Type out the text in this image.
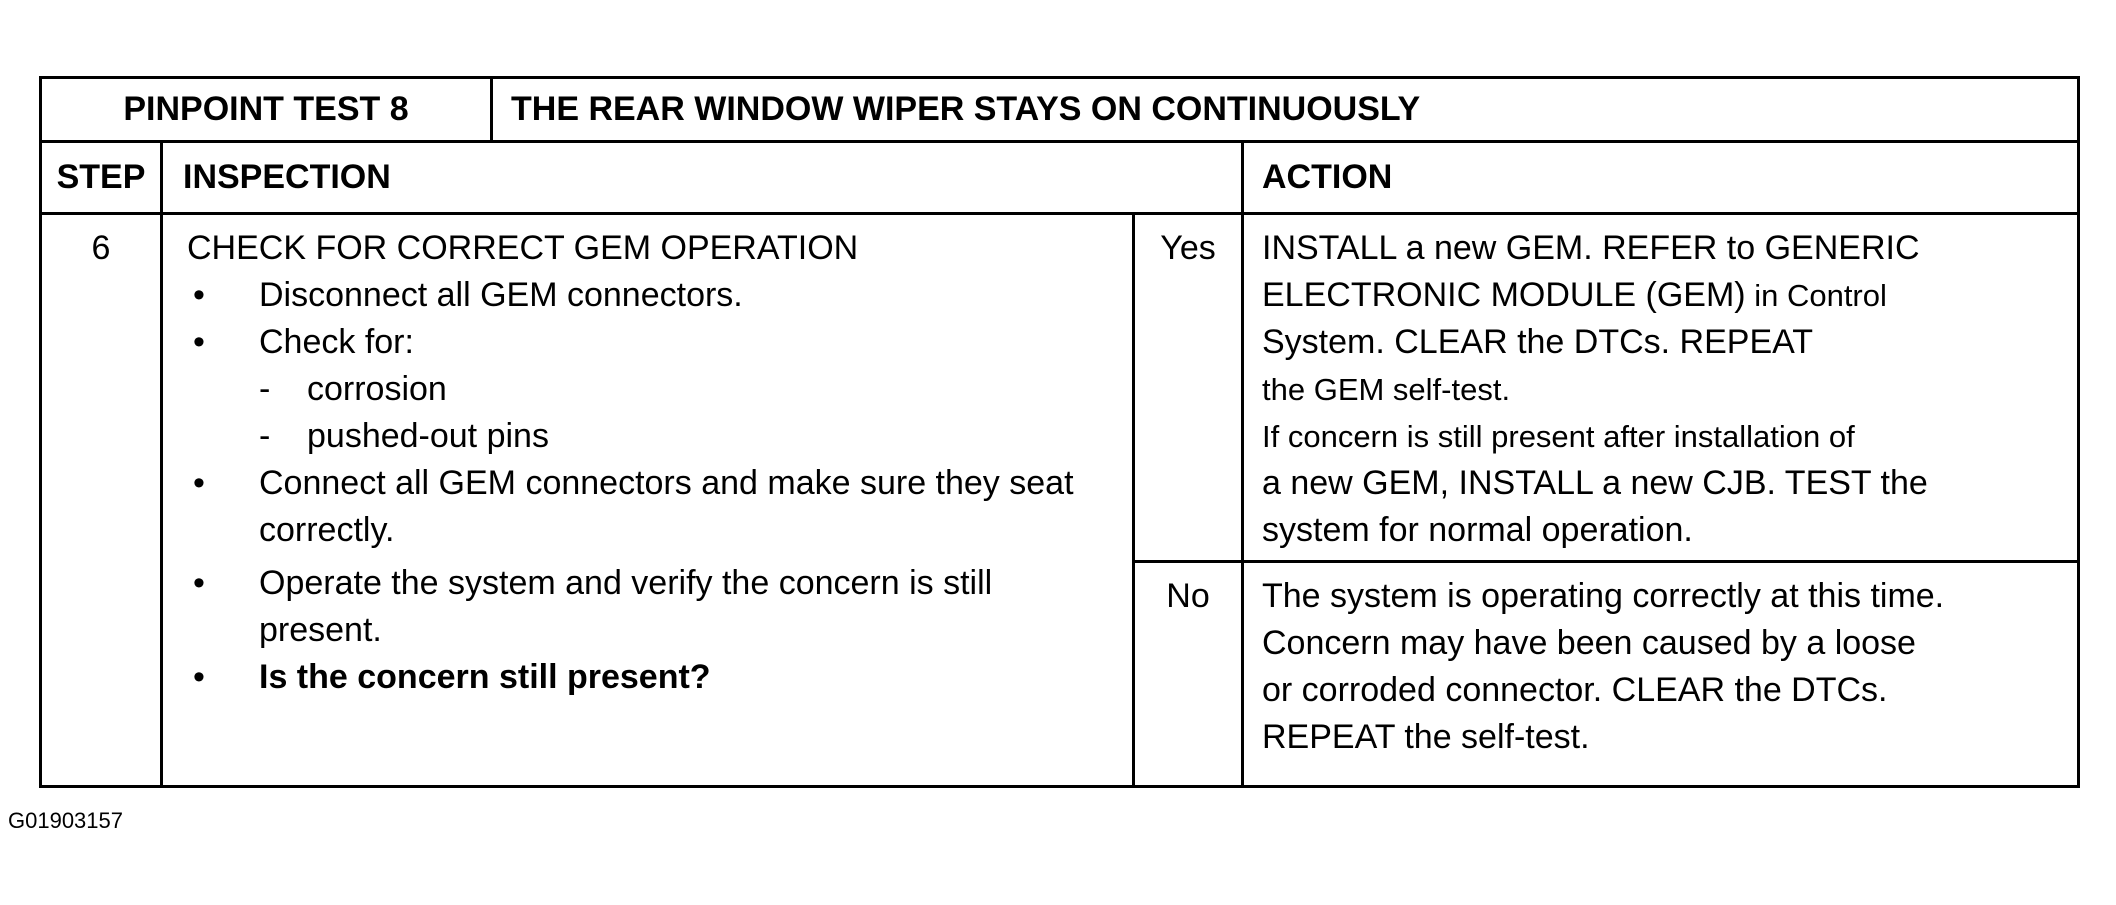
PINPOINT TEST 8	THE REAR WINDOW WIPER STAYS ON CONTINUOUSLY
STEP	INSPECTION	ACTION
6	CHECK FOR CORRECT GEM OPERATION
• Disconnect all GEM connectors.
• Check for:
-	corrosion
-	pushed-out pins
• Connect all GEM connectors and make sure they seat correctly.
• Operate the system and verify the concern is still present.
• Is the concern still present?
Yes	INSTALL a new GEM. REFER to GENERIC
ELECTRONIC MODULE (GEM) in Control
System. CLEAR the DTCs. REPEAT
the GEM self-test.
If concern is still present after installation of
a new GEM, INSTALL a new CJB. TEST the
system for normal operation.
No	The system is operating correctly at this time.
Concern may have been caused by a loose
or corroded connector. CLEAR the DTCs.
REPEAT the self-test.
G01903157
